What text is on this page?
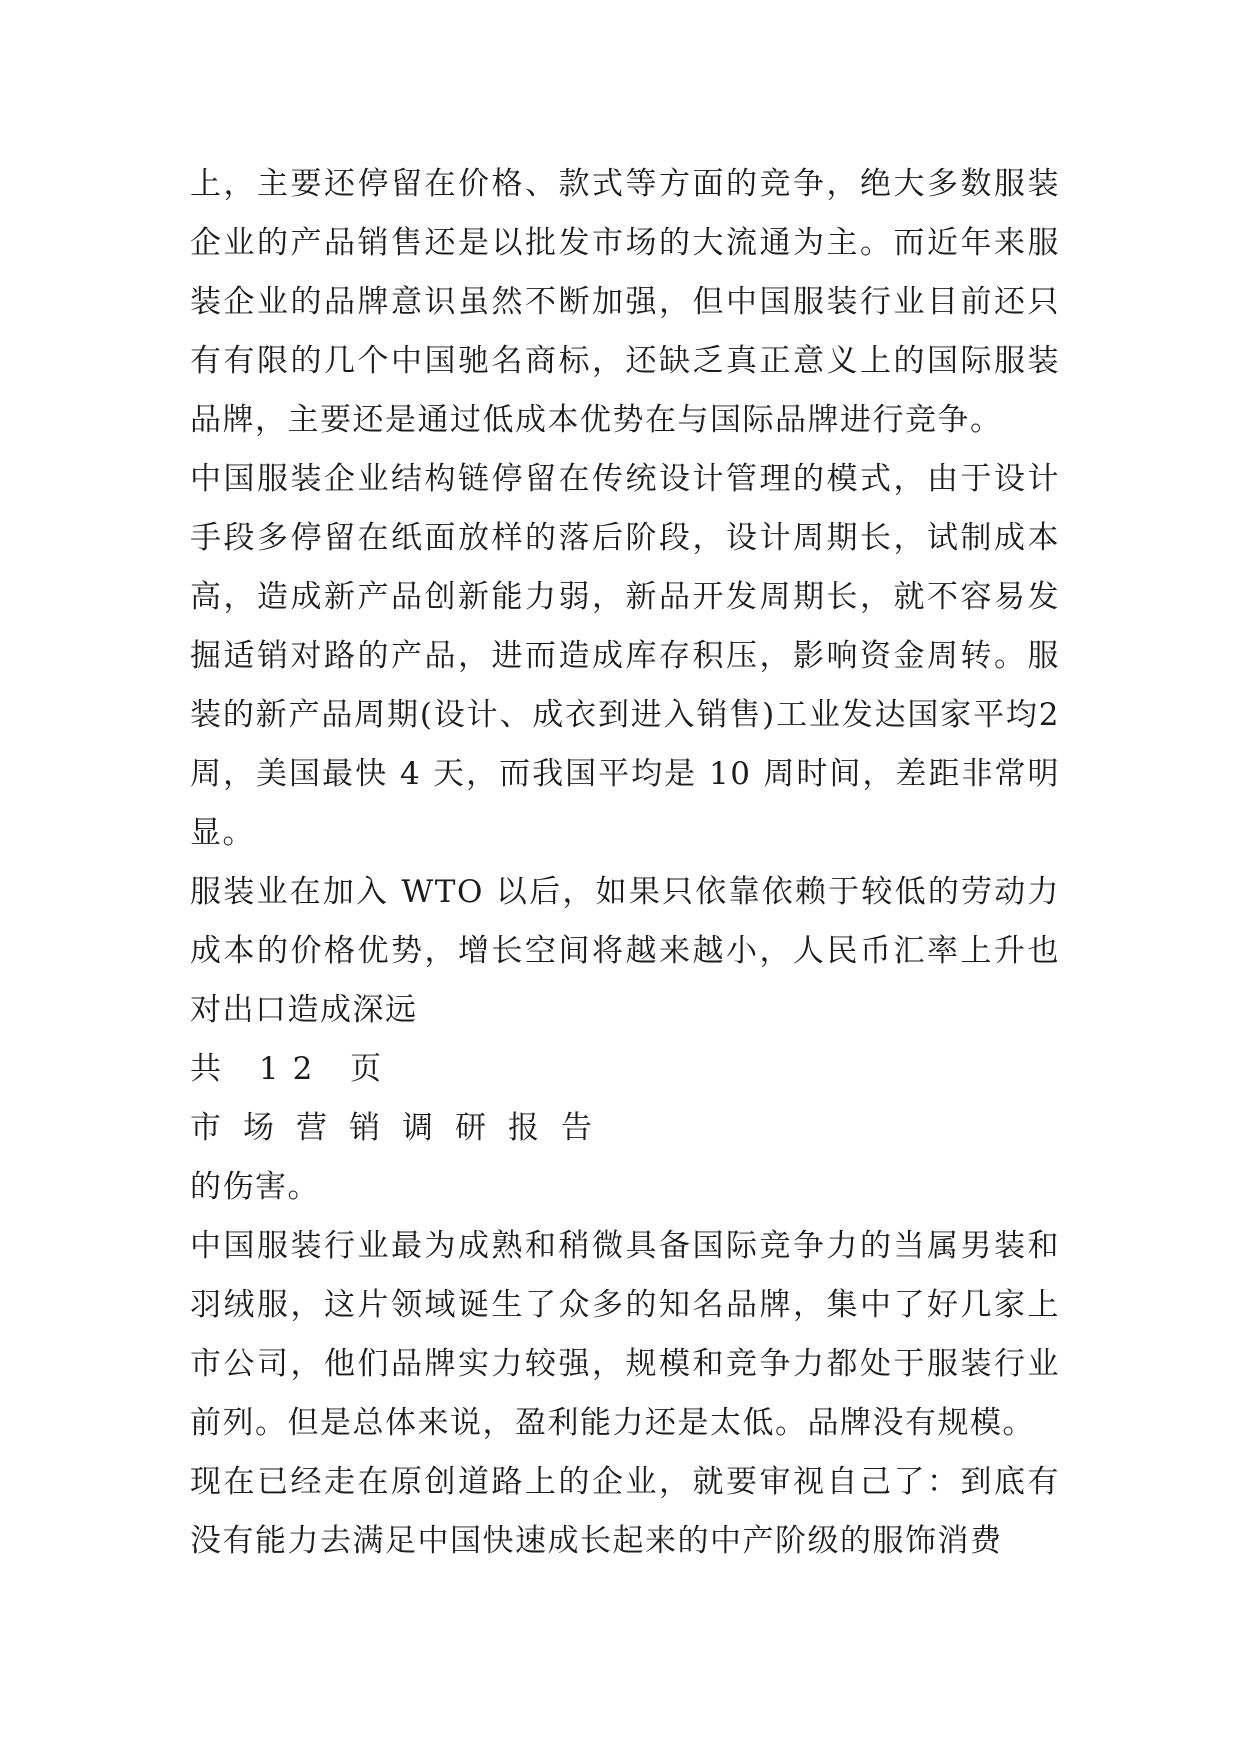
上，主要还停留在价格、款式等方面的竞争，绝大多数服装企业的产品销售还是以批发市场的大流通为主。而近年来服装企业的品牌意识虽然不断加强，但中国服装行业目前还只有有限的几个中国驰名商标，还缺乏真正意义上的国际服装品牌，主要还是通过低成本优势在与国际品牌进行竞争。

中国服装企业结构链停留在传统设计管理的模式，由于设计手段多停留在纸面放样的落后阶段，设计周期长，试制成本高，造成新产品创新能力弱，新品开发周期长，就不容易发掘适销对路的产品，进而造成库存积压，影响资金周转。服装的新产品周期(设计、成衣到进入销售)工业发达国家平均2 周，美国最快 4 天，而我国平均是 10 周时间，差距非常明显。

服装业在加入 WTO 以后，如果只依靠依赖于较低的劳动力成本的价格优势，增长空间将越来越小，人民币汇率上升也对出口造成深远

共 12 页

市场营销调研报告

的伤害。

中国服装行业最为成熟和稍微具备国际竞争力的当属男装和羽绒服，这片领域诞生了众多的知名品牌，集中了好几家上市公司，他们品牌实力较强，规模和竞争力都处于服装行业前列。但是总体来说，盈利能力还是太低。品牌没有规模。

现在已经走在原创道路上的企业，就要审视自己了：到底有没有能力去满足中国快速成长起来的中产阶级的服饰消费
